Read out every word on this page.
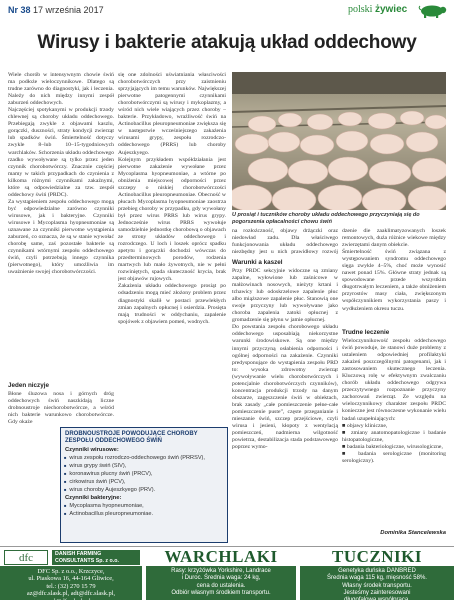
Nr 38 17 września 2017	polski żywiec
Wirusy i bakterie atakują układ oddechowy
Wiele chorób w intensywnym chowie świń ma podłoże wieloczynnikowe. Dlatego są trudne zarówno do diagnostyki, jak i leczenia. Należy do nich między innymi zespół zaburzeń oddechowych.
Najczęściej spotykanymi w produkcji trzody chlewnej są choroby układu oddechowego. Przebiegają zwykle z objawami kaszlu, gorączki, duszności, straty kondycji zwierząt lub spadków świń. Śmiertelność dotyczy zwykle 8–lub 10–15-tygodniowych warchlaków. Schorzenia układu oddechowego rzadko wywoływane są tylko przez jeden czynnik chorobotwórczy. Znacznie częściej mamy w takich przypadkach do czynienia z kilkoma różnymi czynnikami zakaźnymi, które są odpowiedzialne za tzw. zespół oddechowy świń (PRDC).
Za wystąpieniem zespołu oddechowego mogą być odpowiedzialne zarówno czynniki wirusowe, jak i bakteryjne. Czynniki wirusowe i Mycoplasma hyopneumoniae są uznawane za czynniki pierwotne wystąpienia zaburzeń, co oznacza, że są w stanie wywołać chorobę same, zaś pozostałe bakterie są czynnikami wtórnymi zespołu oddechowego świń, czyli potrzebują innego czynnika (pierwotnego), który umożliwia im uważnienie swojej chorobotwórczości.
Jeden niczyje
Błone śluzowa nosa i górnych dróg oddechowych świń naszkidają liczne drobnoustroje niechorobotwórcze, a wśród nich bakterie warunkowo chorobotwórcze. Gdy okaże
się one zdolności uświatniania własciwości chorobotwórczych przy zaistnieniu sprzyjających im temu warunków. Największej pierwotne patogennymi czynnikami chorobotwórczymi są wirusy i mykoplazmy, a wśród nich wiele wiających przez choroby – bakterie. Przykładowo, wrażliwość świń na Actinobacillus pleuropneumoniae zwiększa się w następstwie wcześniejszego zakażenia wirusami grypy, zespołu rozrodczo-oddechowego (PRRS) lub choroby Aujeszkyego.
Kolejnym przykładem współdziałania jest pierwotne zakażenie wywołane przez Mycoplasma hyopneumoniae, a wtórne po obniżenia miejscowej odporności przez szczepy o niskiej chorobotwórczości Actinobacillus pleuropneumoniae. Obecność w płucach Mycoplasma hyopneumoniae zaostrza przebieg choroby w przypadku, gdy wywołany był przez wirus PRRS lub wirus grypy. Jednocześnie wirus PRRS wywołuje samodzielnie jednostkę chorobową o objawach ze strony układów oddechowego i rozrodczego. U loch i loszek oprócz spadku apetytu i gorączki dochodzi wówczas do przedterminowych porodów, rodzenia martwych lub mało żywotnych, nie w pełni rozwiniętych, spada skuteczność krycia, brak jest objawów rujowych.
Zakażenia układu oddechowego prosiąt po odsadzeniu mogą mieć złożony problem przez diagnostyki skalił w postaci przewlekłych zmian zapalnych opłucnej i osierdzia. Prosięta mają trudności w oddychaniu, zapalenie spojówek z objawiem pomeń, wodnych.
U prosiąt i tuczników choroby układu oddechowego przyczyniają się do pogorszenia opłacalności chowu świń
na rozłożczność, objawy drżączki oraz niedowład zadu. Dla właściwego funkcjonowania układu oddechowego niezbędny jest u nich prawidłowy rozwój
Warunki a kaszel
Przy PRDC sekcyjnie widoczne są zmiany zapalne, wyłowione lub zaśnicowe w małżowinach nosowych, nieżyty krtani i tchawicy lub odoskrzelowe zapalenie płuc albo miąższowe zapalenie płuc. Stanowią one swoje przyczyny lub wywoływane jako choroba zapalenia zatoki opłucnej z gromadzenie się płynu w jamie opłucnej.
Do powstania zespołu chorobowego układu oddechowego usposabiają niekorzystne warunki środowiskowe. Są one między innymi przyczyną osłabienia odporności i ogólnej odporności na zakażenie. Czynniki predysponujące do wystąpienia zespołu PRD to: wysoka zdrowotny zwierząt (wywoływanie wielu chorobotwórczych i potencjalnie chorobotwórczych czynników), koncentracja produkcji trzody na danym obszarze, zagęszczenie świń w obiektach, brak zasady „całe pomieszczenie pełne-całe pomieszczenie puste”, częste przeganianie i mieszanie świń, szczep przejściowe, czyli wirusa i jesieni, kłopoty z wentylacją pomieszczeń, nadmierna wilgotność powietrza, destabilizacja stada podstawowego poprzez wymo-
dzenie die zaaklimatyzowanych loszek remontowych, duża różnice wiekowe między zwierzętami danym obiekcie.
Śmiertelność świń związana z występowaniem syndromu oddechowego sięga zwykle 4–5%, choć może wynosić nawet ponad 15%. Główne straty jednak są spowodowane przede wszystkim długotrwałym leczeniem, a także obniżeniem przyrostów masy ciała, zwiększonym współczynnikiem wykorzystania paszy i wydłużeniem okresu tuczu.
Trudne leczenie
Wieloczynnikowość zespołu oddechowego świń powoduje, że stanowi duże problemy z ustaleniem odpowiedniej profilaktyki zakażeń poszczególnymi patogenami, jak i zastosowaniem skutecznego leczenia. Kluczową rolę w efektywnym zwalczaniu chorób układu oddechowego odgrywa przeczytywnego rozpoznanie przyczyny zachorowań zwierząt. Ze względu na wieloczynnikowy charakter zespołu PRDC konieczne jest równoczesne wykonanie wielu badań uzupełniających:
■ objawy kliniczne,
■ zmiany anatomopatologiczne i badanie histopatologiczne,
■ badania bakteriologiczne, wirusologiczne,
■ badania serologiczne (monitoring serologiczny).
Dominika Stancelewska
DROBNOUSTROJE POWODUJĄCE CHOROBY ZESPOŁU ODDECHOWEGO ŚWIŃ
Czynniki wirusowe:
■ wirus zespołu rozrodczo-oddechowego świń (PRRSV),
■ wirus grypy świń (SIV),
■ koronawirus płucny świń (PRCV),
■ cirkowirus świń (PCV),
■ wirus choroby Aujeszkyego (PRV).
Czynniki bakteryjne:
■ Mycoplasma hyopneumoniae,
■ Actinobacillus pleuropneumoniae.
dfc	DANISH FARMING
CONSULTANTS Sp. z o.o.
DFC Sp. z o.o., Krzczyce,
ul. Piaskowa 16, 44-164 Gliwice,
tel.: (32) 270 15 79
az@dfc.slask.pl, adt@dfc.slask.pl,
sl@dfc.slask.pl
WARCHLAKI
Rasy: krzyżówka Yorkshire, Landrace
i Duroc. Średnia waga: 24 kg,
cena do ustalenia.
Odbiór własnym środkiem transportu.
TUCZNIKI
Genetyka duńska DANBRED
Średnia waga 115 kg, mięsność 58%.
Własny środek transportu.
Jesteśmy zainteresowani
długofalową współpracą.
